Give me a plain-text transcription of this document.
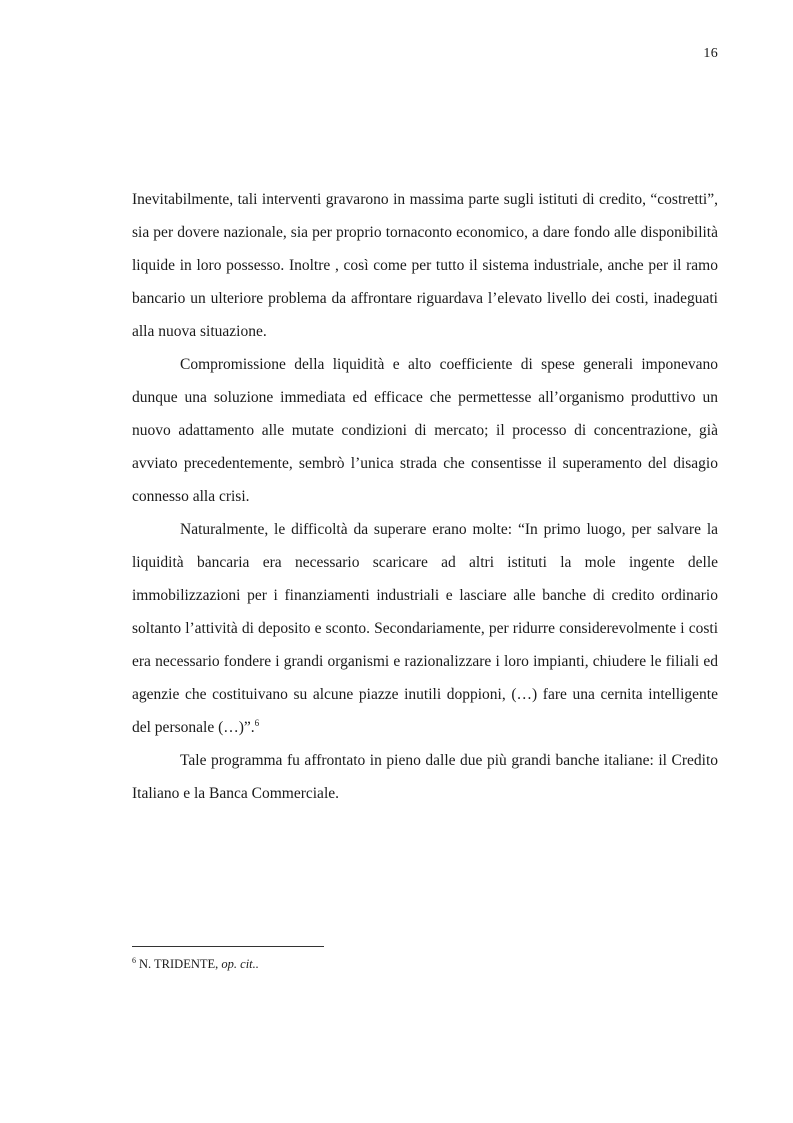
16

Inevitabilmente, tali interventi gravarono in massima parte sugli istituti di credito, “costretti”, sia per dovere nazionale, sia per proprio tornaconto economico, a dare fondo alle disponibilità liquide in loro possesso. Inoltre , così come per tutto il sistema industriale, anche per il ramo bancario un ulteriore problema da affrontare riguardava l’elevato livello dei costi, inadeguati alla nuova situazione.

Compromissione della liquidità e alto coefficiente di spese generali imponevano dunque una soluzione immediata ed efficace che permettesse all’organismo produttivo un nuovo adattamento alle mutate condizioni di mercato; il processo di concentrazione, già avviato precedentemente, sembrò l’unica strada che consentisse il superamento del disagio connesso alla crisi.

Naturalmente, le difficoltà da superare erano molte: “In primo luogo, per salvare la liquidità bancaria era necessario scaricare ad altri istituti la mole ingente delle immobilizzazioni per i finanziamenti industriali e lasciare alle banche di credito ordinario soltanto l’attività di deposito e sconto. Secondariamente, per ridurre considerevolmente i costi era necessario fondere i grandi organismi e razionalizzare i loro impianti, chiudere le filiali ed agenzie che costituivano su alcune piazze inutili doppioni, (…) fare una cernita intelligente del personale (…)”.$^6$

Tale programma fu affrontato in pieno dalle due più grandi banche italiane: il Credito Italiano e la Banca Commerciale.

$^6$ N. TRIDENTE, op. cit..
